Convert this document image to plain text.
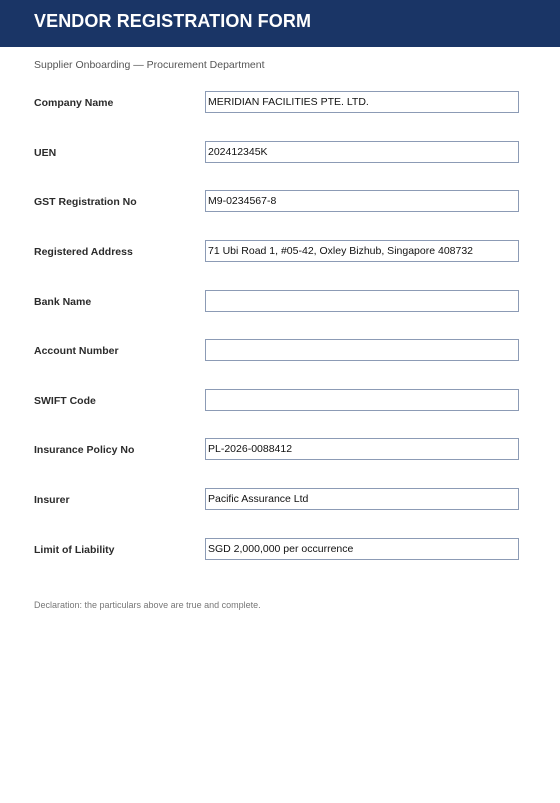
VENDOR REGISTRATION FORM
Supplier Onboarding — Procurement Department
Company Name
MERIDIAN FACILITIES PTE. LTD.
UEN
202412345K
GST Registration No
M9-0234567-8
Registered Address
71 Ubi Road 1, #05-42, Oxley Bizhub, Singapore 408732
Bank Name
Account Number
SWIFT Code
Insurance Policy No
PL-2026-0088412
Insurer
Pacific Assurance Ltd
Limit of Liability
SGD 2,000,000 per occurrence
Declaration: the particulars above are true and complete.
